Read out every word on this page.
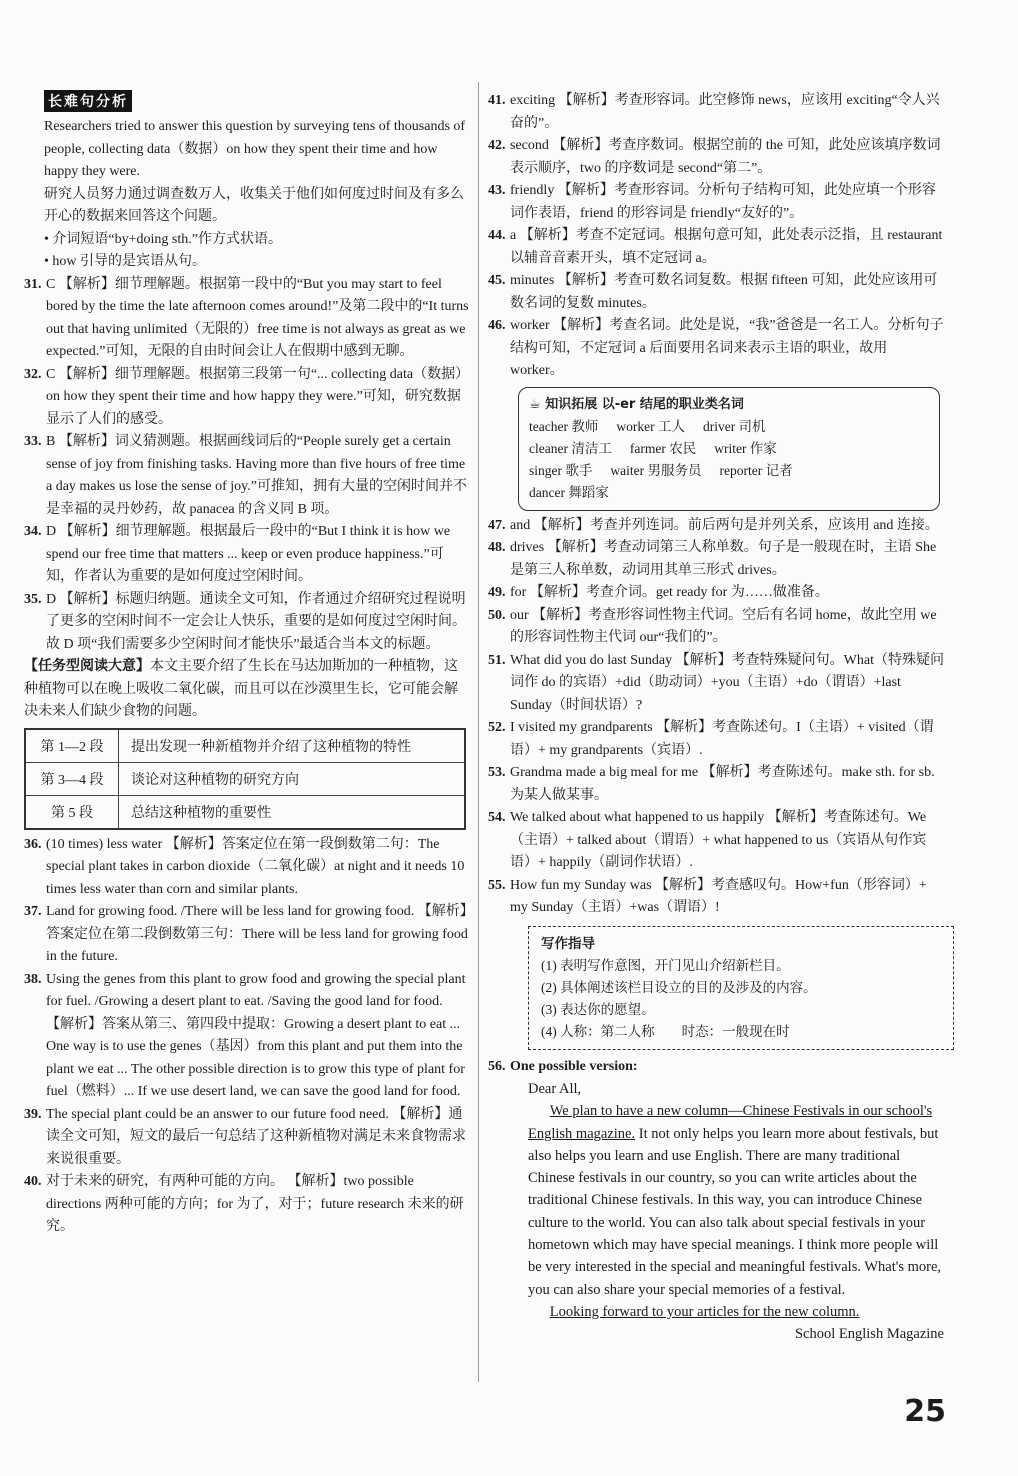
长难句分析

Researchers tried to answer this question by surveying tens of thousands of people, collecting data（数据）on how they spent their time and how happy they were.

研究人员努力通过调查数万人，收集关于他们如何度过时间及有多么开心的数据来回答这个问题。

• 介词短语“by+doing sth.”作方式状语。

• how 引导的是宾语从句。

31. C 【解析】细节理解题。根据第一段中的“But you may start to feel bored by the time the late afternoon comes around!”及第二段中的“It turns out that having unlimited（无限的）free time is not always as great as we expected.”可知，无限的自由时间会让人在假期中感到无聊。
32. C 【解析】细节理解题。根据第三段第一句“... collecting data（数据）on how they spent their time and how happy they were.”可知，研究数据显示了人们的感受。
33. B 【解析】词义猜测题。根据画线词后的“People surely get a certain sense of joy from finishing tasks. Having more than five hours of free time a day makes us lose the sense of joy.”可推知，拥有大量的空闲时间并不是幸福的灵丹妙药，故 panacea 的含义同 B 项。
34. D 【解析】细节理解题。根据最后一段中的“But I think it is how we spend our free time that matters ... keep or even produce happiness.”可知，作者认为重要的是如何度过空闲时间。
35. D 【解析】标题归纳题。通读全文可知，作者通过介绍研究过程说明了更多的空闲时间不一定会让人快乐，重要的是如何度过空闲时间。故 D 项“我们需要多少空闲时间才能快乐”最适合当本文的标题。

【任务型阅读大意】本文主要介绍了生长在马达加斯加的一种植物，这种植物可以在晚上吸收二氧化碳，而且可以在沙漠里生长，它可能会解决未来人们缺少食物的问题。

第 1—2 段	提出发现一种新植物并介绍了这种植物的特性
第 3—4 段	谈论对这种植物的研究方向
第 5 段	总结这种植物的重要性
36. (10 times) less water 【解析】答案定位在第一段倒数第二句：The special plant takes in carbon dioxide（二氧化碳）at night and it needs 10 times less water than corn and similar plants.
37. Land for growing food. /There will be less land for growing food. 【解析】答案定位在第二段倒数第三句：There will be less land for growing food in the future.
38. Using the genes from this plant to grow food and growing the special plant for fuel. /Growing a desert plant to eat. /Saving the good land for food. 【解析】答案从第三、第四段中提取：Growing a desert plant to eat ... One way is to use the genes（基因）from this plant and put them into the plant we eat ... The other possible direction is to grow this type of plant for fuel（燃料）... If we use desert land, we can save the good land for food.
39. The special plant could be an answer to our future food need. 【解析】通读全文可知，短文的最后一句总结了这种新植物对满足未来食物需求来说很重要。
40. 对于未来的研究，有两种可能的方向。 【解析】two possible directions 两种可能的方向；for 为了，对于；future research 未来的研究。
41. exciting 【解析】考查形容词。此空修饰 news，应该用 exciting“令人兴奋的”。
42. second 【解析】考查序数词。根据空前的 the 可知，此处应该填序数词表示顺序，two 的序数词是 second“第二”。
43. friendly 【解析】考查形容词。分析句子结构可知，此处应填一个形容词作表语，friend 的形容词是 friendly“友好的”。
44. a 【解析】考查不定冠词。根据句意可知，此处表示泛指，且 restaurant 以辅音音素开头，填不定冠词 a。
45. minutes 【解析】考查可数名词复数。根据 fifteen 可知，此处应该用可数名词的复数 minutes。
46. worker 【解析】考查名词。此处是说，“我”爸爸是一名工人。分析句子结构可知，不定冠词 a 后面要用名词来表示主语的职业，故用 worker。
☕ 知识拓展 以-er 结尾的职业类名词
teacher 教师 worker 工人 driver 司机
cleaner 清洁工 farmer 农民 writer 作家
singer 歌手 waiter 男服务员 reporter 记者
dancer 舞蹈家
47. and 【解析】考查并列连词。前后两句是并列关系，应该用 and 连接。
48. drives 【解析】考查动词第三人称单数。句子是一般现在时，主语 She 是第三人称单数，动词用其单三形式 drives。
49. for 【解析】考查介词。get ready for 为……做准备。
50. our 【解析】考查形容词性物主代词。空后有名词 home，故此空用 we 的形容词性物主代词 our“我们的”。
51. What did you do last Sunday 【解析】考查特殊疑问句。What（特殊疑问词作 do 的宾语）+did（助动词）+you（主语）+do（谓语）+last Sunday（时间状语）?
52. I visited my grandparents 【解析】考查陈述句。I（主语）+ visited（谓语）+ my grandparents（宾语）.
53. Grandma made a big meal for me 【解析】考查陈述句。make sth. for sb. 为某人做某事。
54. We talked about what happened to us happily 【解析】考查陈述句。We（主语）+ talked about（谓语）+ what happened to us（宾语从句作宾语）+ happily（副词作状语）.
55. How fun my Sunday was 【解析】考查感叹句。How+fun（形容词）+ my Sunday（主语）+was（谓语）!
写作指导
(1) 表明写作意图，开门见山介绍新栏目。
(2) 具体阐述该栏目设立的目的及涉及的内容。
(3) 表达你的愿望。
(4) 人称：第二人称　　时态：一般现在时
56. One possible version:

Dear All,

  We plan to have a new column—Chinese Festivals in our school's English magazine. It not only helps you learn more about festivals, but also helps you learn and use English. There are many traditional Chinese festivals in our country, so you can write articles about the traditional Chinese festivals. In this way, you can introduce Chinese culture to the world. You can also talk about special festivals in your hometown which may have special meanings. I think more people will be very interested in the special and meaningful festivals. What's more, you can also share your special memories of a festival.

  Looking forward to your articles for the new column.

School English Magazine

25
